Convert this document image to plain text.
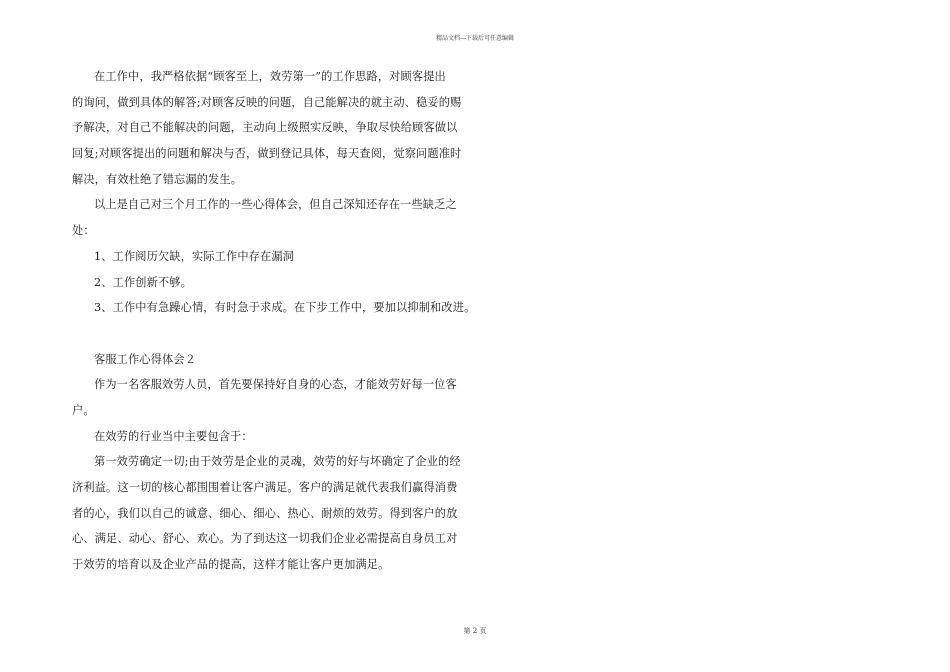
精品文档---下载后可任意编辑
在工作中，我严格依据“顾客至上，效劳第一”的工作思路，对顾客提出
的询问，做到具体的解答;对顾客反映的问题，自己能解决的就主动、稳妥的赐
予解决，对自己不能解决的问题，主动向上级照实反映，争取尽快给顾客做以
回复;对顾客提出的问题和解决与否，做到登记具体，每天查阅，觉察问题准时
解决，有效杜绝了错忘漏的发生。
以上是自己对三个月工作的一些心得体会，但自己深知还存在一些缺乏之
处：
1、工作阅历欠缺，实际工作中存在漏洞
2、工作创新不够。
3、工作中有急躁心情，有时急于求成。在下步工作中，要加以抑制和改进。
客服工作心得体会２
作为一名客服效劳人员，首先要保持好自身的心态，才能效劳好每一位客
户。
在效劳的行业当中主要包含于：
第一效劳确定一切;由于效劳是企业的灵魂，效劳的好与坏确定了企业的经
济利益。这一切的核心都围围着让客户满足。客户的满足就代表我们赢得消费
者的心，我们以自己的诚意、细心、细心、热心、耐烦的效劳。得到客户的放
心、满足、动心、舒心、欢心。为了到达这一切我们企业必需提高自身员工对
于效劳的培育以及企业产品的提高，这样才能让客户更加满足。
第 2 页
